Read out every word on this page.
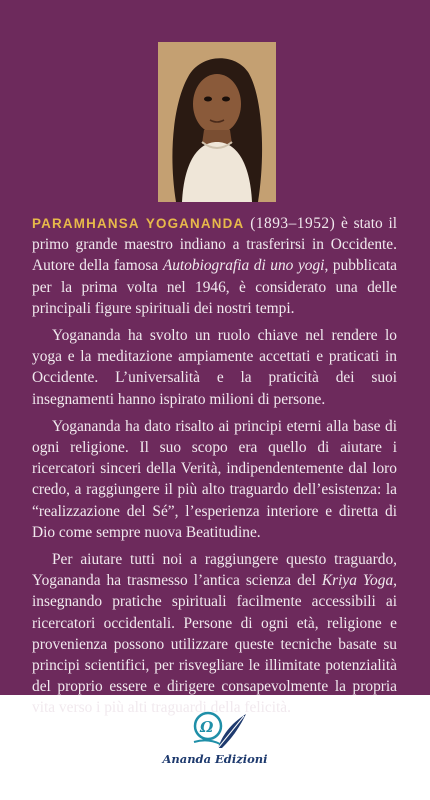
PARAMHANSA YOGANANDA (1893–1952) è stato il primo grande maestro indiano a trasferirsi in Occidente. Autore della famosa Autobiografia di uno yogi, pubblicata per la prima volta nel 1946, è considerato una delle principali figure spirituali dei nostri tempi.

Yogananda ha svolto un ruolo chiave nel rendere lo yoga e la meditazione ampiamente accettati e praticati in Occidente. L’universalità e la praticità dei suoi insegnamenti hanno ispirato milioni di persone.

Yogananda ha dato risalto ai principi eterni alla base di ogni religione. Il suo scopo era quello di aiutare i ricercatori sinceri della Verità, indipendentemente dal loro credo, a raggiungere il più alto traguardo dell’esistenza: la “realizzazione del Sé”, l’esperienza interiore e diretta di Dio come sempre nuova Beatitudine.

Per aiutare tutti noi a raggiungere questo traguardo, Yogananda ha trasmesso l’antica scienza del Kriya Yoga, insegnando pratiche spirituali facilmente accessibili ai ricercatori occidentali. Persone di ogni età, religione e provenienza possono utilizzare queste tecniche basate su principi scientifici, per risvegliare le illimitate potenzialità del proprio essere e dirigere consapevolmente la propria vita verso i più alti traguardi della felicità.

Ω
Ananda Edizioni
